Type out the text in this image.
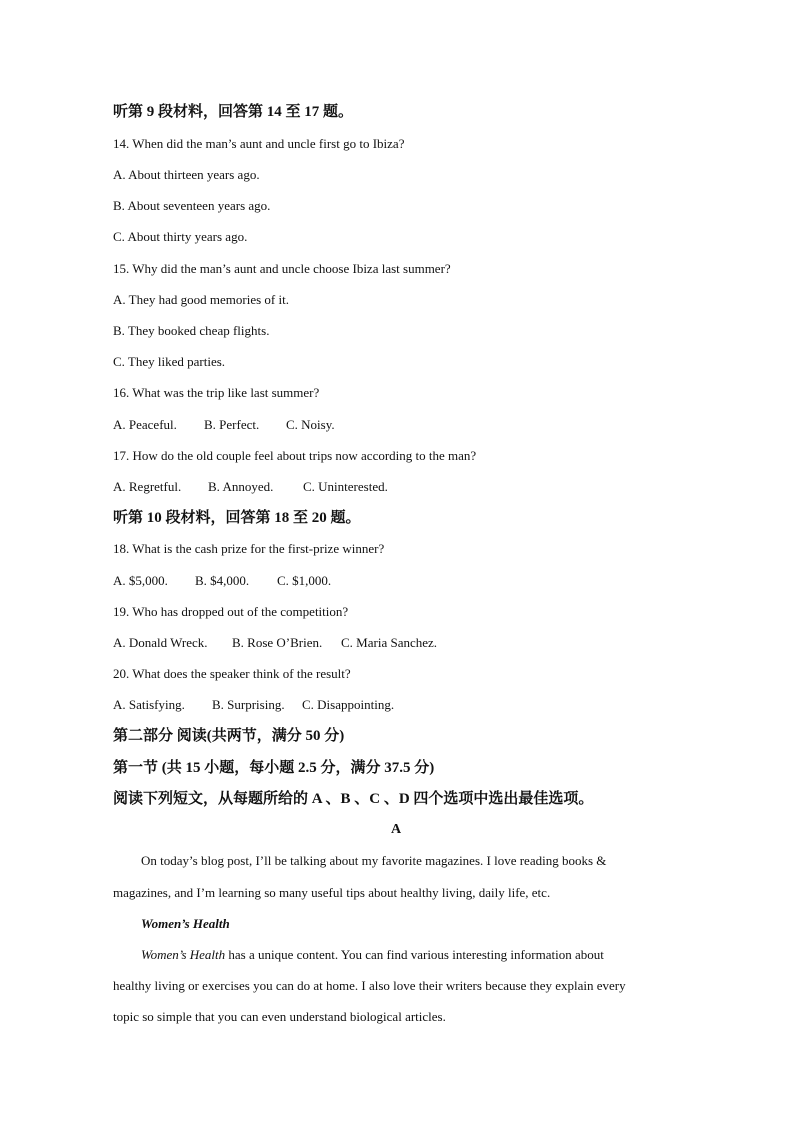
听第 9 段材料，回答第 14 至 17 题。
14. When did the man’s aunt and uncle first go to Ibiza?
A. About thirteen years ago.
B. About seventeen years ago.
C. About thirty years ago.
15. Why did the man’s aunt and uncle choose Ibiza last summer?
A. They had good memories of it.
B. They booked cheap flights.
C. They liked parties.
16. What was the trip like last summer?
A. Peaceful. B. Perfect. C. Noisy.
17. How do the old couple feel about trips now according to the man?
A. Regretful. B. Annoyed. C. Uninterested.
听第 10 段材料，回答第 18 至 20 题。
18. What is the cash prize for the first-prize winner?
A. $5,000. B. $4,000. C. $1,000.
19. Who has dropped out of the competition?
A. Donald Wreck. B. Rose O’Brien. C. Maria Sanchez.
20. What does the speaker think of the result?
A. Satisfying. B. Surprising. C. Disappointing.
第二部分 阅读(共两节，满分 50 分)
第一节 (共 15 小题，每小题 2.5 分，满分 37.5 分)
阅读下列短文，从每题所给的 A 、B 、C 、D 四个选项中选出最佳选项。
A
On today’s blog post, I’ll be talking about my favorite magazines. I love reading books &
magazines, and I’m learning so many useful tips about healthy living, daily life, etc.
Women’s Health
Women’s Health has a unique content. You can find various interesting information about
healthy living or exercises you can do at home. I also love their writers because they explain every
topic so simple that you can even understand biological articles.
